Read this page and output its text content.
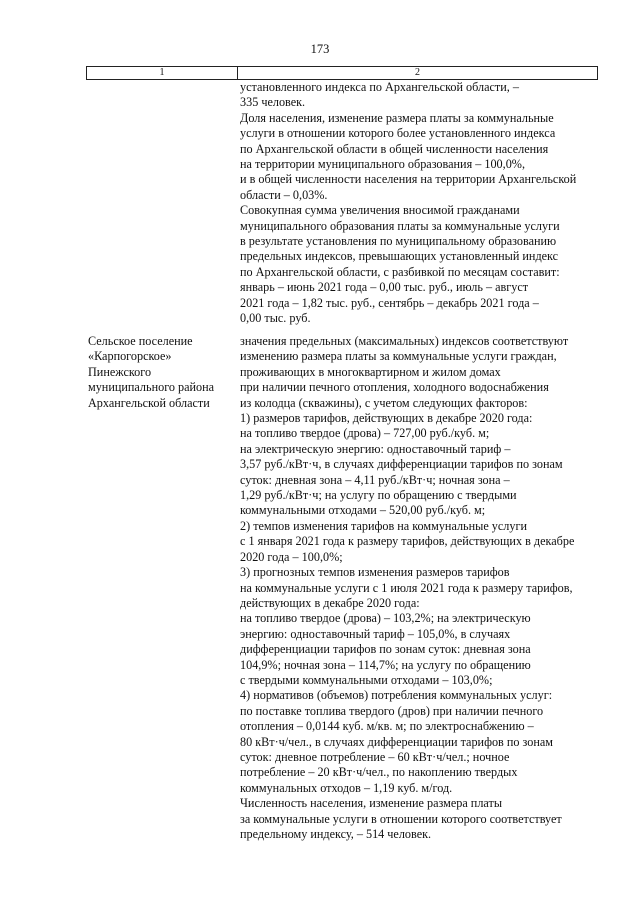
173
1	2
установленного индекса по Архангельской области, –
335 человек.
Доля населения, изменение размера платы за коммунальные
услуги в отношении которого более установленного индекса
по Архангельской области в общей численности населения
на территории муниципального образования – 100,0%,
и в общей численности населения на территории Архангельской
области – 0,03%.
Совокупная сумма увеличения вносимой гражданами
муниципального образования платы за коммунальные услуги
в результате установления по муниципальному образованию
предельных индексов, превышающих установленный индекс
по Архангельской области, с разбивкой по месяцам составит:
январь – июнь 2021 года – 0,00 тыс. руб., июль – август
2021 года – 1,82 тыс. руб., сентябрь – декабрь 2021 года –
0,00 тыс. руб.
Сельское поселение
«Карпогорское»
Пинежского
муниципального района
Архангельской области
значения предельных (максимальных) индексов соответствуют
изменению размера платы за коммунальные услуги граждан,
проживающих в многоквартирном и жилом домах
при наличии печного отопления, холодного водоснабжения
из колодца (скважины), с учетом следующих факторов:
1) размеров тарифов, действующих в декабре 2020 года:
на топливо твердое (дрова) – 727,00 руб./куб. м;
на электрическую энергию: одноставочный тариф –
3,57 руб./кВт·ч, в случаях дифференциации тарифов по зонам
суток: дневная зона – 4,11 руб./кВт·ч; ночная зона –
1,29 руб./кВт·ч; на услугу по обращению с твердыми
коммунальными отходами – 520,00 руб./куб. м;
2) темпов изменения тарифов на коммунальные услуги
с 1 января 2021 года к размеру тарифов, действующих в декабре
2020 года – 100,0%;
3) прогнозных темпов изменения размеров тарифов
на коммунальные услуги с 1 июля 2021 года к размеру тарифов,
действующих в декабре 2020 года:
на топливо твердое (дрова) – 103,2%; на электрическую
энергию: одноставочный тариф – 105,0%, в случаях
дифференциации тарифов по зонам суток: дневная зона
104,9%; ночная зона – 114,7%; на услугу по обращению
с твердыми коммунальными отходами – 103,0%;
4) нормативов (объемов) потребления коммунальных услуг:
по поставке топлива твердого (дров) при наличии печного
отопления – 0,0144 куб. м/кв. м; по электроснабжению –
80 кВт·ч/чел., в случаях дифференциации тарифов по зонам
суток: дневное потребление – 60 кВт·ч/чел.; ночное
потребление – 20 кВт·ч/чел., по накоплению твердых
коммунальных отходов – 1,19 куб. м/год.
Численность населения, изменение размера платы
за коммунальные услуги в отношении которого соответствует
предельному индексу, – 514 человек.
